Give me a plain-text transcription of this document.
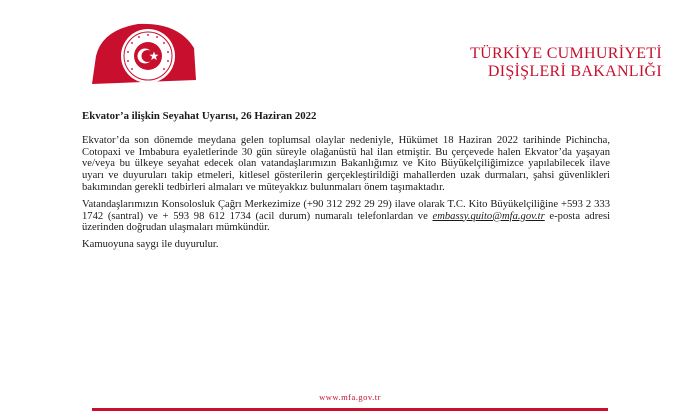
TÜRKİYE CUMHURİYETİ
DIŞİŞLERİ BAKANLIĞI

Ekvator’a ilişkin Seyahat Uyarısı, 26 Haziran 2022

Ekvator’da son dönemde meydana gelen toplumsal olaylar nedeniyle, Hükümet 18 Haziran 2022 tarihinde Pichincha, Cotopaxi ve Imbabura eyaletlerinde 30 gün süreyle olağanüstü hal ilan etmiştir. Bu çerçevede halen Ekvator’da yaşayan ve/veya bu ülkeye seyahat edecek olan vatandaşlarımızın Bakanlığımız ve Kito Büyükelçiliğimizce yapılabilecek ilave uyarı ve duyuruları takip etmeleri, kitlesel gösterilerin gerçekleştirildiği mahallerden uzak durmaları, şahsi güvenlikleri bakımından gerekli tedbirleri almaları ve müteyakkız bulunmaları önem taşımaktadır.

Vatandaşlarımızın Konsolosluk Çağrı Merkezimize (+90 312 292 29 29) ilave olarak T.C. Kito Büyükelçiliğine +593 2 333 1742 (santral) ve + 593 98 612 1734 (acil durum) numaralı telefonlardan ve embassy.quito@mfa.gov.tr e-posta adresi üzerinden doğrudan ulaşmaları mümkündür.

Kamuoyuna saygı ile duyurulur.

www.mfa.gov.tr
